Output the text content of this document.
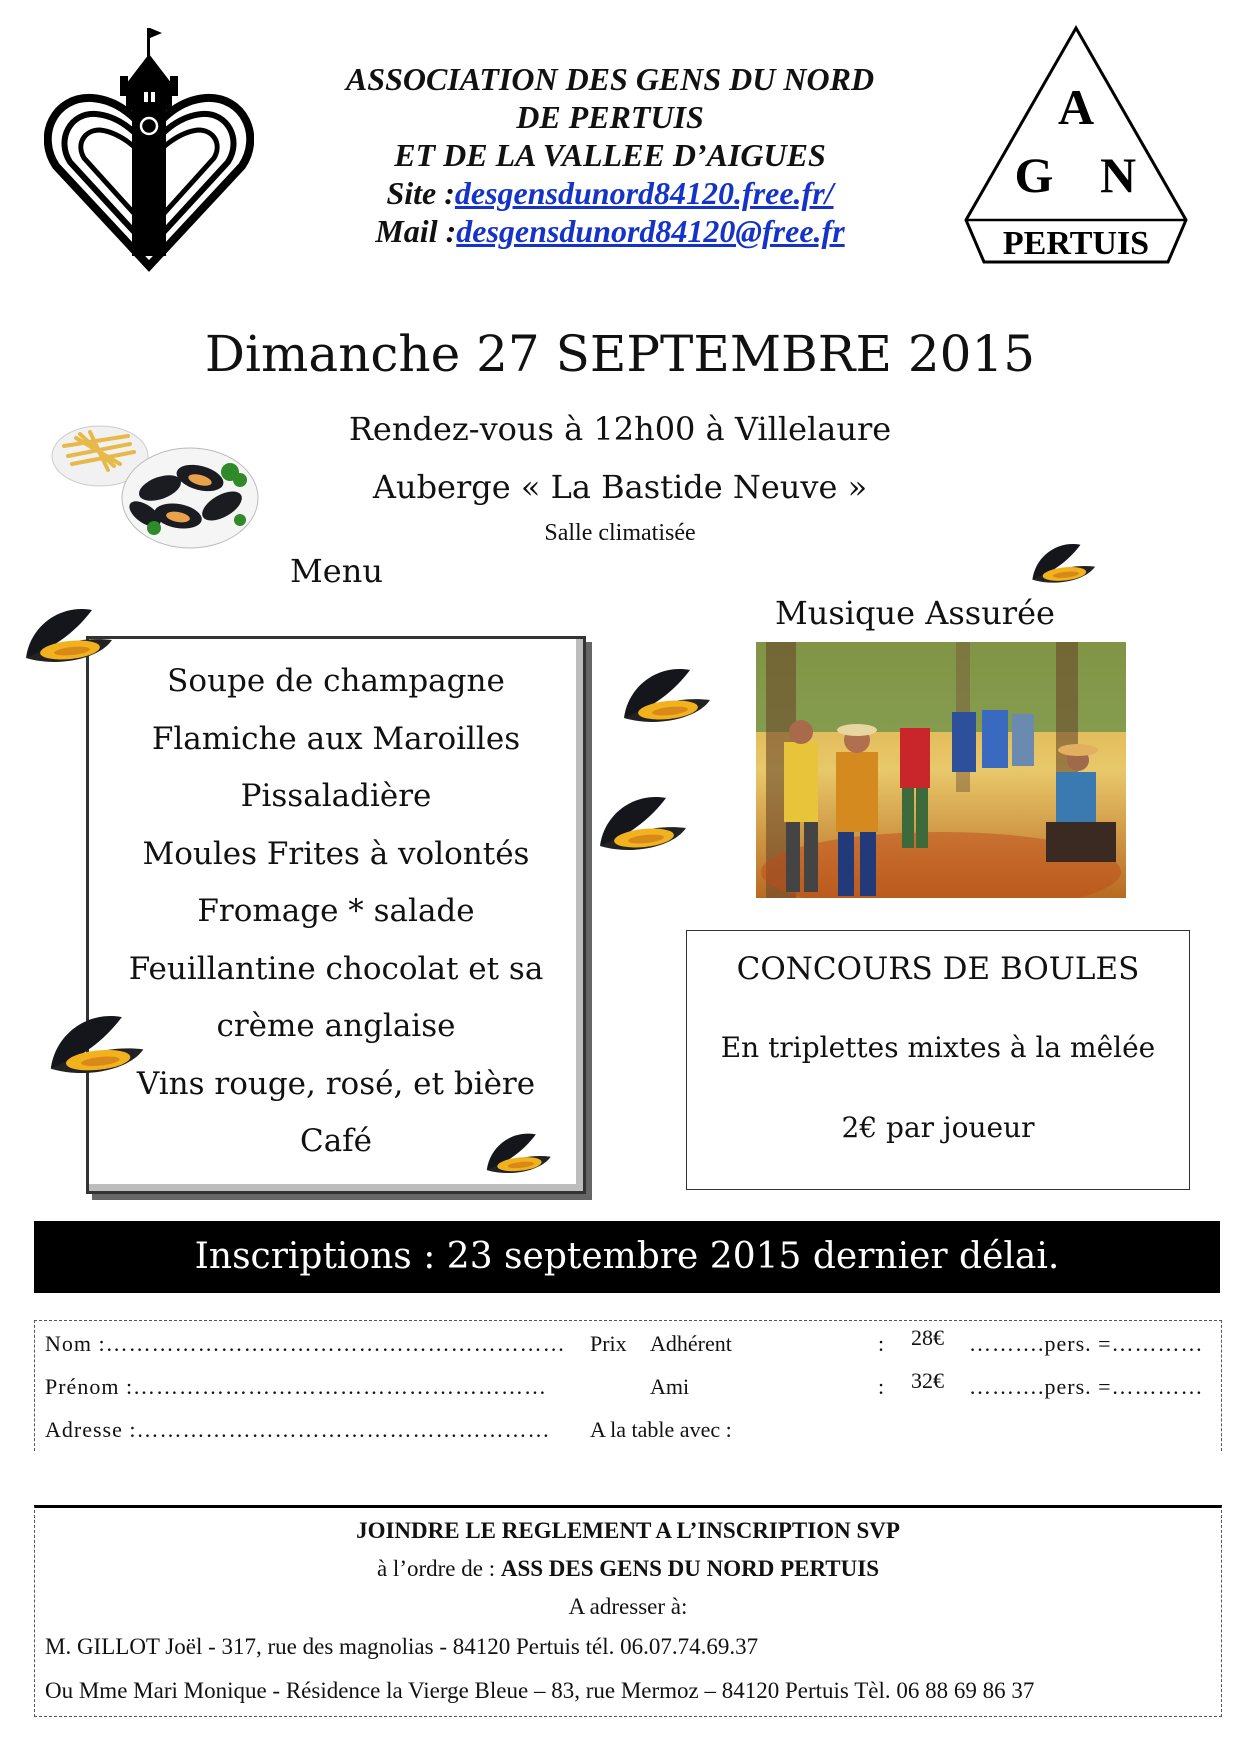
ASSOCIATION DES GENS DU NORD
DE PERTUIS
ET DE LA VALLEE D’AIGUES
Site :desgensdunord84120.free.fr/
Mail :desgensdunord84120@free.fr
A
G N
PERTUIS
Dimanche 27 SEPTEMBRE 2015
Rendez-vous à 12h00 à Villelaure
Auberge « La Bastide Neuve »
Salle climatisée
Menu
Soupe de champagne
Flamiche aux Maroilles
Pissaladière
Moules Frites à volontés
Fromage * salade
Feuillantine chocolat et sa
crème anglaise
Vins rouge, rosé, et bière
Café
Musique Assurée
CONCOURS DE BOULES
En triplettes mixtes à la mêlée
2€ par joueur
Inscriptions : 23 septembre 2015 dernier délai.
Nom :……………………………………………………
Prénom :………………………………………………
Adresse :………………………………………………
Prix Adhérent
Ami
:
:
28€
32€
……….pers. =…………
……….pers. =…………
A la table avec :
JOINDRE LE REGLEMENT A L’INSCRIPTION SVP
à l’ordre de : ASS DES GENS DU NORD PERTUIS
A adresser à:
M. GILLOT Joël - 317, rue des magnolias - 84120 Pertuis tél. 06.07.74.69.37
Ou Mme Mari Monique - Résidence la Vierge Bleue – 83, rue Mermoz – 84120 Pertuis Tèl. 06 88 69 86 37
